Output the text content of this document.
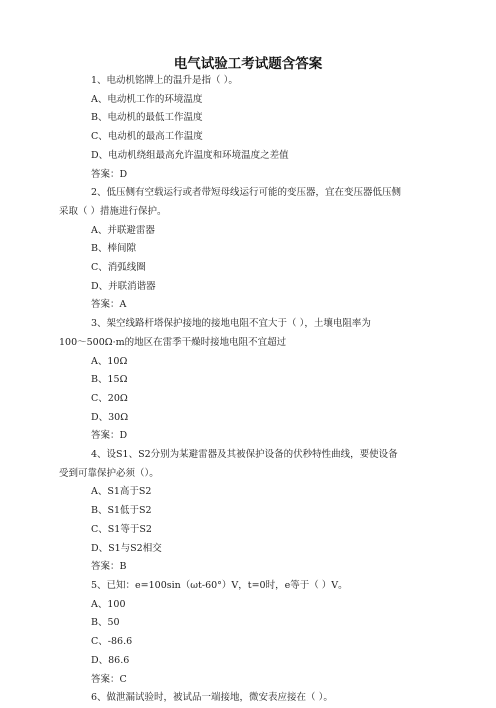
电气试验工考试题含答案
1、电动机铭牌上的温升是指（ ）。
A、电动机工作的环境温度
B、电动机的最低工作温度
C、电动机的最高工作温度
D、电动机绕组最高允许温度和环境温度之差值
答案：D
2、低压侧有空载运行或者带短母线运行可能的变压器，宜在变压器低压侧
采取（ ）措施进行保护。
A、并联避雷器
B、棒间隙
C、消弧线圈
D、并联消谐器
答案：A
3、架空线路杆塔保护接地的接地电阻不宜大于（ ），土壤电阻率为
100～500Ω·m的地区在雷季干燥时接地电阻不宜超过
A、10Ω
B、15Ω
C、20Ω
D、30Ω
答案：D
4、设S1、S2分别为某避雷器及其被保护设备的伏秒特性曲线，要使设备
受到可靠保护必须（）。
A、S1高于S2
B、S1低于S2
C、S1等于S2
D、S1与S2相交
答案：B
5、已知：e=100sin（ωt-60°）V，t=0时，e等于（ ）V。
A、100
B、50
C、-86.6
D、86.6
答案：C
6、做泄漏试验时，被试品一端接地，微安表应接在（ ）。
